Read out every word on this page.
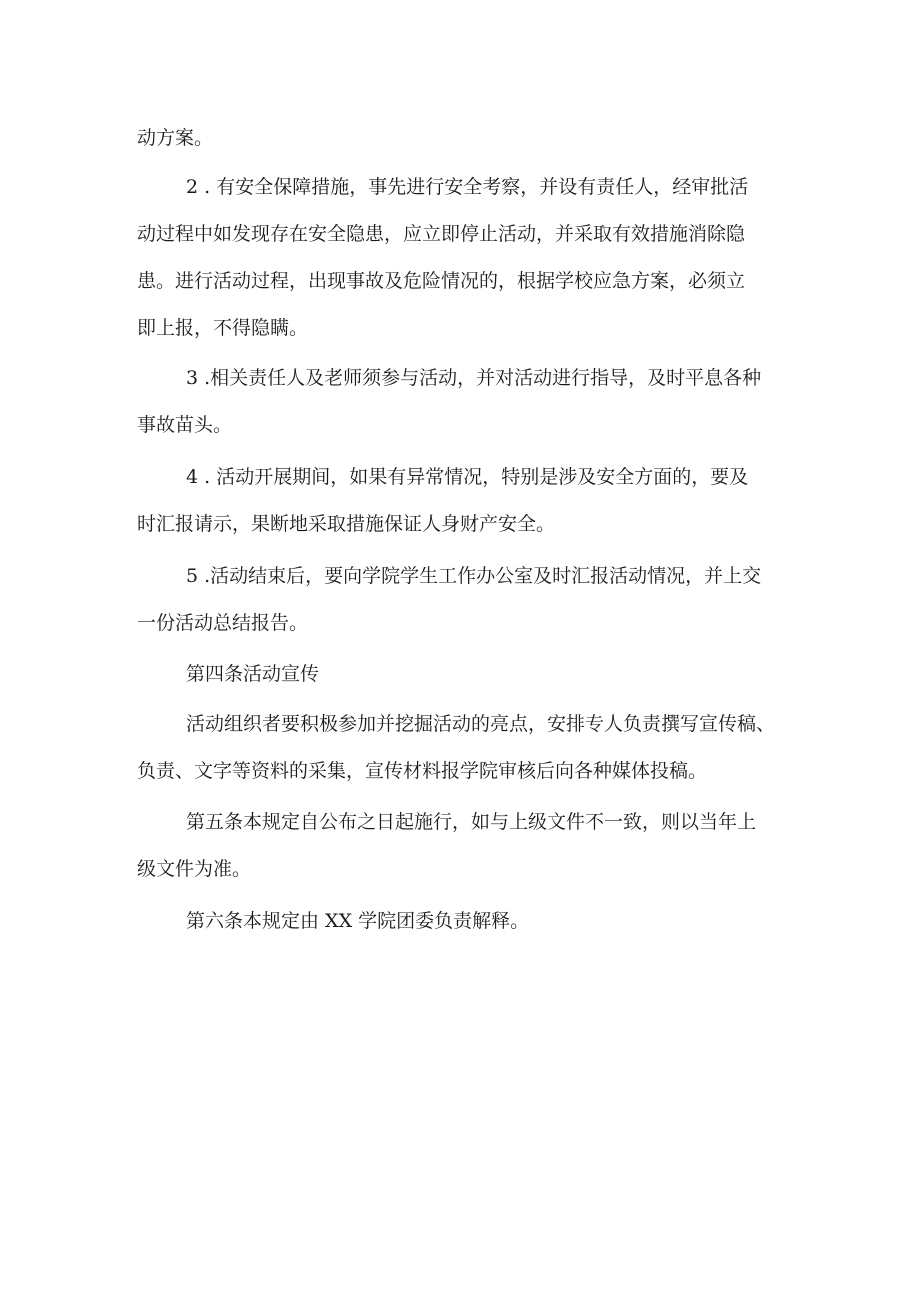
动方案。
2 . 有安全保障措施，事先进行安全考察，并设有责任人，经审批活
动过程中如发现存在安全隐患，应立即停止活动，并采取有效措施消除隐
患。进行活动过程，出现事故及危险情况的，根据学校应急方案，必须立
即上报，不得隐瞒。
3 .相关责任人及老师须参与活动，并对活动进行指导，及时平息各种
事故苗头。
4 . 活动开展期间，如果有异常情况，特别是涉及安全方面的，要及
时汇报请示，果断地采取措施保证人身财产安全。
5 .活动结束后，要向学院学生工作办公室及时汇报活动情况，并上交
一份活动总结报告。
第四条活动宣传
活动组织者要积极参加并挖掘活动的亮点，安排专人负责撰写宣传稿、
负责、文字等资料的采集，宣传材料报学院审核后向各种媒体投稿。
第五条本规定自公布之日起施行，如与上级文件不一致，则以当年上
级文件为准。
第六条本规定由 XX 学院团委负责解释。
